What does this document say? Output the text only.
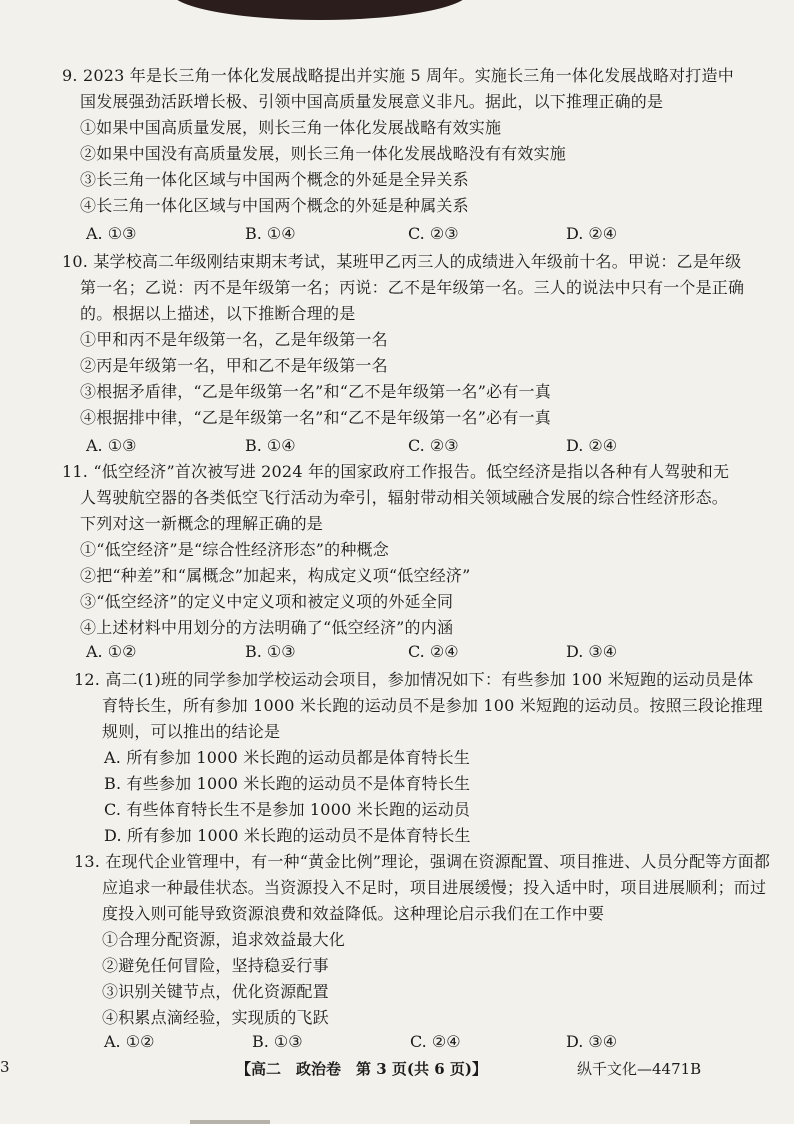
9. 2023 年是长三角一体化发展战略提出并实施 5 周年。实施长三角一体化发展战略对打造中
国发展强劲活跃增长极、引领中国高质量发展意义非凡。据此，以下推理正确的是
①如果中国高质量发展，则长三角一体化发展战略有效实施
②如果中国没有高质量发展，则长三角一体化发展战略没有有效实施
③长三角一体化区域与中国两个概念的外延是全异关系
④长三角一体化区域与中国两个概念的外延是种属关系
A. ①③	B. ①④	C. ②③	D. ②④
10. 某学校高二年级刚结束期末考试，某班甲乙丙三人的成绩进入年级前十名。甲说：乙是年级
第一名；乙说：丙不是年级第一名；丙说：乙不是年级第一名。三人的说法中只有一个是正确
的。根据以上描述，以下推断合理的是
①甲和丙不是年级第一名，乙是年级第一名
②丙是年级第一名，甲和乙不是年级第一名
③根据矛盾律，“乙是年级第一名”和“乙不是年级第一名”必有一真
④根据排中律，“乙是年级第一名”和“乙不是年级第一名”必有一真
A. ①③	B. ①④	C. ②③	D. ②④
11. “低空经济”首次被写进 2024 年的国家政府工作报告。低空经济是指以各种有人驾驶和无
人驾驶航空器的各类低空飞行活动为牵引，辐射带动相关领域融合发展的综合性经济形态。
下列对这一新概念的理解正确的是
①“低空经济”是“综合性经济形态”的种概念
②把“种差”和“属概念”加起来，构成定义项“低空经济”
③“低空经济”的定义中定义项和被定义项的外延全同
④上述材料中用划分的方法明确了“低空经济”的内涵
A. ①②	B. ①③	C. ②④	D. ③④
12. 高二(1)班的同学参加学校运动会项目，参加情况如下：有些参加 100 米短跑的运动员是体
育特长生，所有参加 1000 米长跑的运动员不是参加 100 米短跑的运动员。按照三段论推理
规则，可以推出的结论是
A. 所有参加 1000 米长跑的运动员都是体育特长生
B. 有些参加 1000 米长跑的运动员不是体育特长生
C. 有些体育特长生不是参加 1000 米长跑的运动员
D. 所有参加 1000 米长跑的运动员不是体育特长生
13. 在现代企业管理中，有一种“黄金比例”理论，强调在资源配置、项目推进、人员分配等方面都
应追求一种最佳状态。当资源投入不足时，项目进展缓慢；投入适中时，项目进展顺利；而过
度投入则可能导致资源浪费和效益降低。这种理论启示我们在工作中要
①合理分配资源，追求效益最大化
②避免任何冒险，坚持稳妥行事
③识别关键节点，优化资源配置
④积累点滴经验，实现质的飞跃
A. ①②	B. ①③	C. ②④	D. ③④
3	【高二　政治卷　第 3 页(共 6 页)】	纵千文化—4471B
